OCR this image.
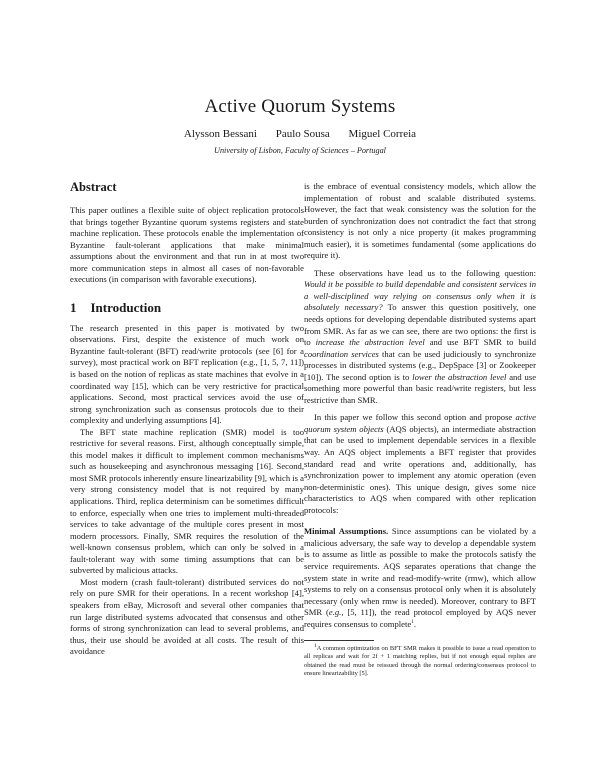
Active Quorum Systems
Alysson Bessani Paulo Sousa Miguel Correia
University of Lisbon, Faculty of Sciences – Portugal
Abstract

This paper outlines a flexible suite of object replication protocols that brings together Byzantine quorum systems registers and state machine replication. These protocols enable the implementation of Byzantine fault-tolerant applications that make minimal assumptions about the environment and that run in at most two more communication steps in almost all cases of non-favorable executions (in comparison with favorable executions).

1 Introduction

The research presented in this paper is motivated by two observations. First, despite the existence of much work on Byzantine fault-tolerant (BFT) read/write protocols (see [6] for a survey), most practical work on BFT replication (e.g., [1, 5, 7, 11]) is based on the notion of replicas as state machines that evolve in a coordinated way [15], which can be very restrictive for practical applications. Second, most practical services avoid the use of strong synchronization such as consensus protocols due to their complexity and underlying assumptions [4].

The BFT state machine replication (SMR) model is too restrictive for several reasons. First, although conceptually simple, this model makes it difficult to implement common mechanisms such as housekeeping and asynchronous messaging [16]. Second, most SMR protocols inherently ensure linearizability [9], which is a very strong consistency model that is not required by many applications. Third, replica determinism can be sometimes difficult to enforce, especially when one tries to implement multi-threaded services to take advantage of the multiple cores present in most modern processors. Finally, SMR requires the resolution of the well-known consensus problem, which can only be solved in a fault-tolerant way with some timing assumptions that can be subverted by malicious attacks.

Most modern (crash fault-tolerant) distributed services do not rely on pure SMR for their operations. In a recent workshop [4], speakers from eBay, Microsoft and several other companies that run large distributed systems advocated that consensus and other forms of strong synchronization can lead to several problems, and thus, their use should be avoided at all costs. The result of this avoidance

is the embrace of eventual consistency models, which allow the implementation of robust and scalable distributed systems. However, the fact that weak consistency was the solution for the burden of synchronization does not contradict the fact that strong consistency is not only a nice property (it makes programming much easier), it is sometimes fundamental (some applications do require it).

These observations have lead us to the following question: Would it be possible to build dependable and consistent services in a well-disciplined way relying on consensus only when it is absolutely necessary? To answer this question positively, one needs options for developing dependable distributed systems apart from SMR. As far as we can see, there are two options: the first is to increase the abstraction level and use BFT SMR to build coordination services that can be used judiciously to synchronize processes in distributed systems (e.g., DepSpace [3] or Zookeeper [10]). The second option is to lower the abstraction level and use something more powerful than basic read/write registers, but less restrictive than SMR.

In this paper we follow this second option and propose active quorum system objects (AQS objects), an intermediate abstraction that can be used to implement dependable services in a flexible way. An AQS object implements a BFT register that provides standard read and write operations and, additionally, has synchronization power to implement any atomic operation (even non-deterministic ones). This unique design, gives some nice characteristics to AQS when compared with other replication protocols:

Minimal Assumptions. Since assumptions can be violated by a malicious adversary, the safe way to develop a dependable system is to assume as little as possible to make the protocols satisfy the service requirements. AQS separates operations that change the system state in write and read-modify-write (rmw), which allow systems to rely on a consensus protocol only when it is absolutely necessary (only when rmw is needed). Moreover, contrary to BFT SMR (e.g., [5, 11]), the read protocol employed by AQS never requires consensus to complete$^1$.

$^1$A common optimization on BFT SMR makes it possible to issue a read operation to all replicas and wait for 2f + 1 matching replies, but if not enough equal replies are obtained the read must be reissued through the normal ordering/consensus protocol to ensure linearizability [5].
